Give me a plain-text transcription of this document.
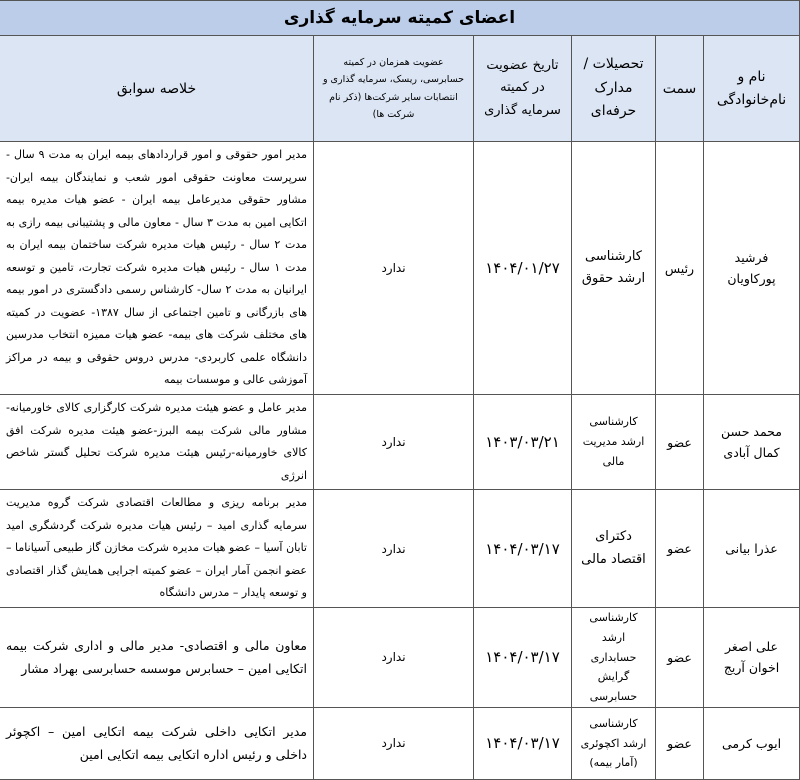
اعضای کمیته سرمایه گذاری					
نام و نام‌خانوادگی	سمت	تحصیلات / مدارک حرفه‌ای	تاریخ عضویت در کمیته سرمایه گذاری	عضویت همزمان در کمیته حسابرسی، ریسک، سرمایه گذاری و انتصابات سایر شرکت‌ها (ذکر نام شرکت ها)	خلاصه سوابق
فرشید پورکاویان	رئیس	کارشناسی ارشد حقوق	۱۴۰۴/۰۱/۲۷	ندارد	مدیر امور حقوقی و امور قراردادهای بیمه ایران به مدت ۹ سال - سرپرست معاونت حقوقی امور شعب و نمایندگان بیمه ایران- مشاور حقوقی مدیرعامل بیمه ایران - عضو هیات مدیره بیمه اتکایی امین به مدت ۳ سال - معاون مالی و پشتیبانی بیمه رازی به مدت ۲ سال - رئیس هیات مدیره شرکت ساختمان بیمه ایران به مدت ۱ سال - رئیس هیات مدیره شرکت تجارت، تامین و توسعه ایرانیان به مدت ۲ سال- کارشناس رسمی دادگستری در امور بیمه های بازرگانی و تامین اجتماعی از سال ۱۳۸۷- عضویت در کمیته های مختلف شرکت های بیمه- عضو هیات ممیزه انتخاب مدرسین دانشگاه علمی کاربردی- مدرس دروس حقوقی و بیمه در مراکز آموزشی عالی و موسسات بیمه
محمد حسن کمال آبادی	عضو	کارشناسی ارشد مدیریت مالی	۱۴۰۳/۰۳/۲۱	ندارد	مدیر عامل و عضو هیئت مدیره شرکت کارگزاری کالای خاورمیانه- مشاور مالی شرکت بیمه البرز-عضو هیئت مدیره شرکت افق کالای خاورمیانه-رئیس هیئت مدیره شرکت تحلیل گستر شاخص انرژی
عذرا بیانی	عضو	دکترای اقتصاد مالی	۱۴۰۴/۰۳/۱۷	ندارد	مدیر برنامه ریزی و مطالعات اقتصادی شرکت گروه مدیریت سرمایه گذاری امید – رئیس هیات مدیره شرکت گردشگری امید تابان آسیا – عضو هیات مدیره شرکت مخازن گاز طبیعی آسیاناما – عضو انجمن آمار ایران – عضو کمیته اجرایی همایش گذار اقتصادی و توسعه پایدار – مدرس دانشگاه
علی اصغر اخوان آریج	عضو	کارشناسی ارشد حسابداری گرایش حسابرسی	۱۴۰۴/۰۳/۱۷	ندارد	معاون مالی و اقتصادی- مدیر مالی و اداری شرکت بیمه اتکایی امین – حسابرس موسسه حسابرسی بهراد مشار
ایوب کرمی	عضو	کارشناسی ارشد اکچوئری (آمار بیمه)	۱۴۰۴/۰۳/۱۷	ندارد	مدیر اتکایی داخلی شرکت بیمه اتکایی امین – اکچوئر داخلی و رئیس اداره اتکایی بیمه اتکایی امین
